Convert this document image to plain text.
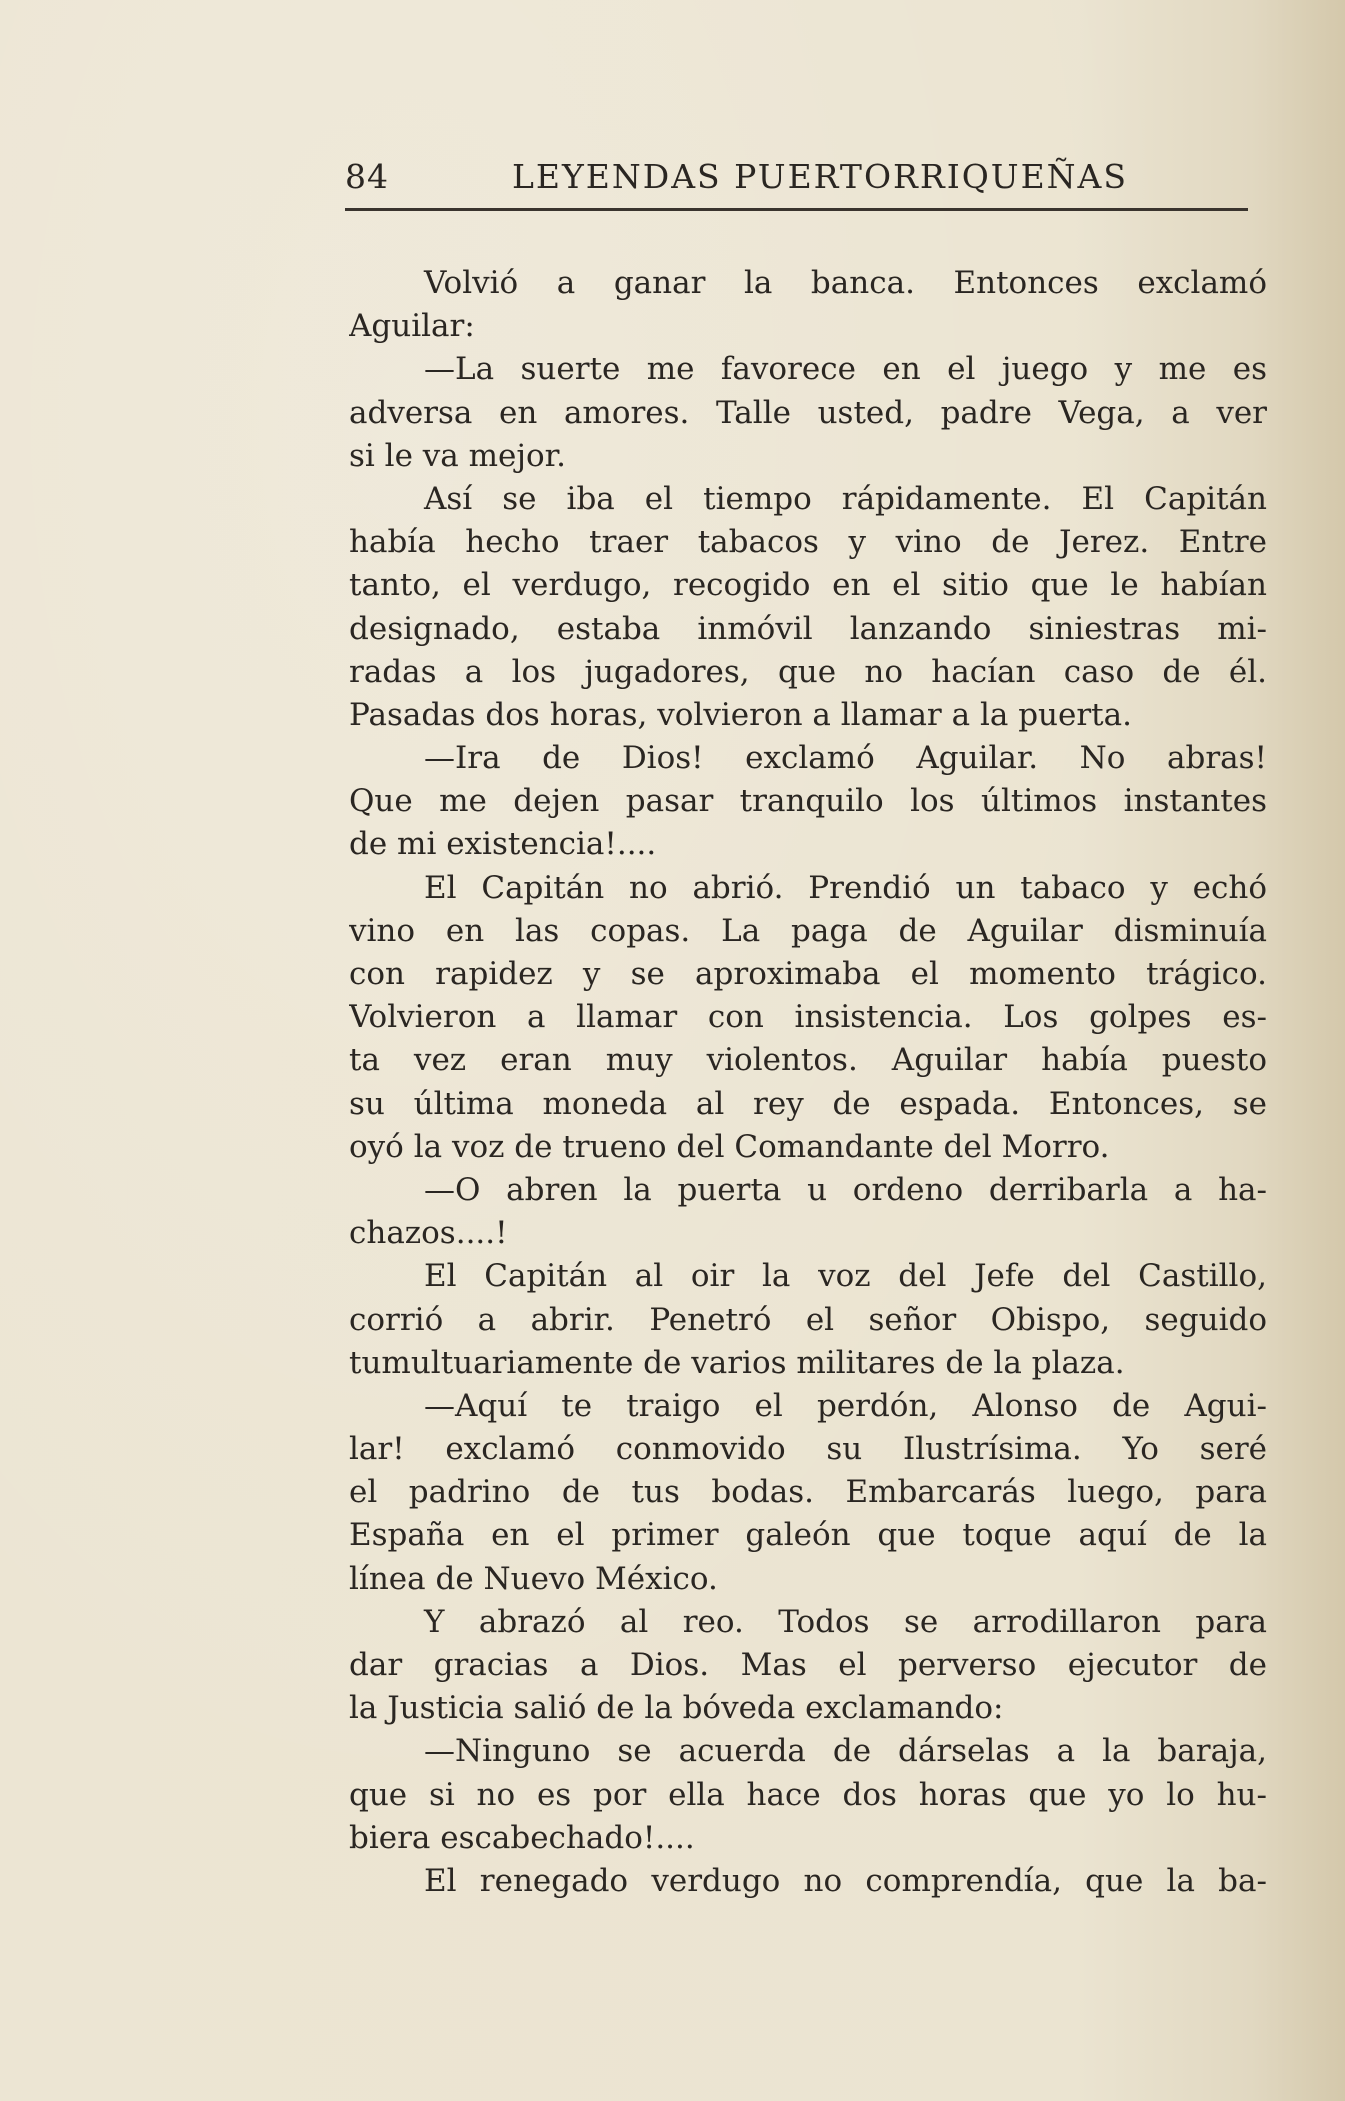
84	LEYENDAS PUERTORRIQUEÑAS
Volvió a ganar la banca. Entonces exclamó
Aguilar:
—La suerte me favorece en el juego y me es
adversa en amores. Talle usted, padre Vega, a ver
si le va mejor.
Así se iba el tiempo rápidamente. El Capitán
había hecho traer tabacos y vino de Jerez. Entre
tanto, el verdugo, recogido en el sitio que le habían
designado, estaba inmóvil lanzando siniestras mi-
radas a los jugadores, que no hacían caso de él.
Pasadas dos horas, volvieron a llamar a la puerta.
—Ira de Dios! exclamó Aguilar. No abras!
Que me dejen pasar tranquilo los últimos instantes
de mi existencia!....
El Capitán no abrió. Prendió un tabaco y echó
vino en las copas. La paga de Aguilar disminuía
con rapidez y se aproximaba el momento trágico.
Volvieron a llamar con insistencia. Los golpes es-
ta vez eran muy violentos. Aguilar había puesto
su última moneda al rey de espada. Entonces, se
oyó la voz de trueno del Comandante del Morro.
—O abren la puerta u ordeno derribarla a ha-
chazos....!
El Capitán al oir la voz del Jefe del Castillo,
corrió a abrir. Penetró el señor Obispo, seguido
tumultuariamente de varios militares de la plaza.
—Aquí te traigo el perdón, Alonso de Agui-
lar! exclamó conmovido su Ilustrísima. Yo seré
el padrino de tus bodas. Embarcarás luego, para
España en el primer galeón que toque aquí de la
línea de Nuevo México.
Y abrazó al reo. Todos se arrodillaron para
dar gracias a Dios. Mas el perverso ejecutor de
la Justicia salió de la bóveda exclamando:
—Ninguno se acuerda de dárselas a la baraja,
que si no es por ella hace dos horas que yo lo hu-
biera escabechado!....
El renegado verdugo no comprendía, que la ba-
